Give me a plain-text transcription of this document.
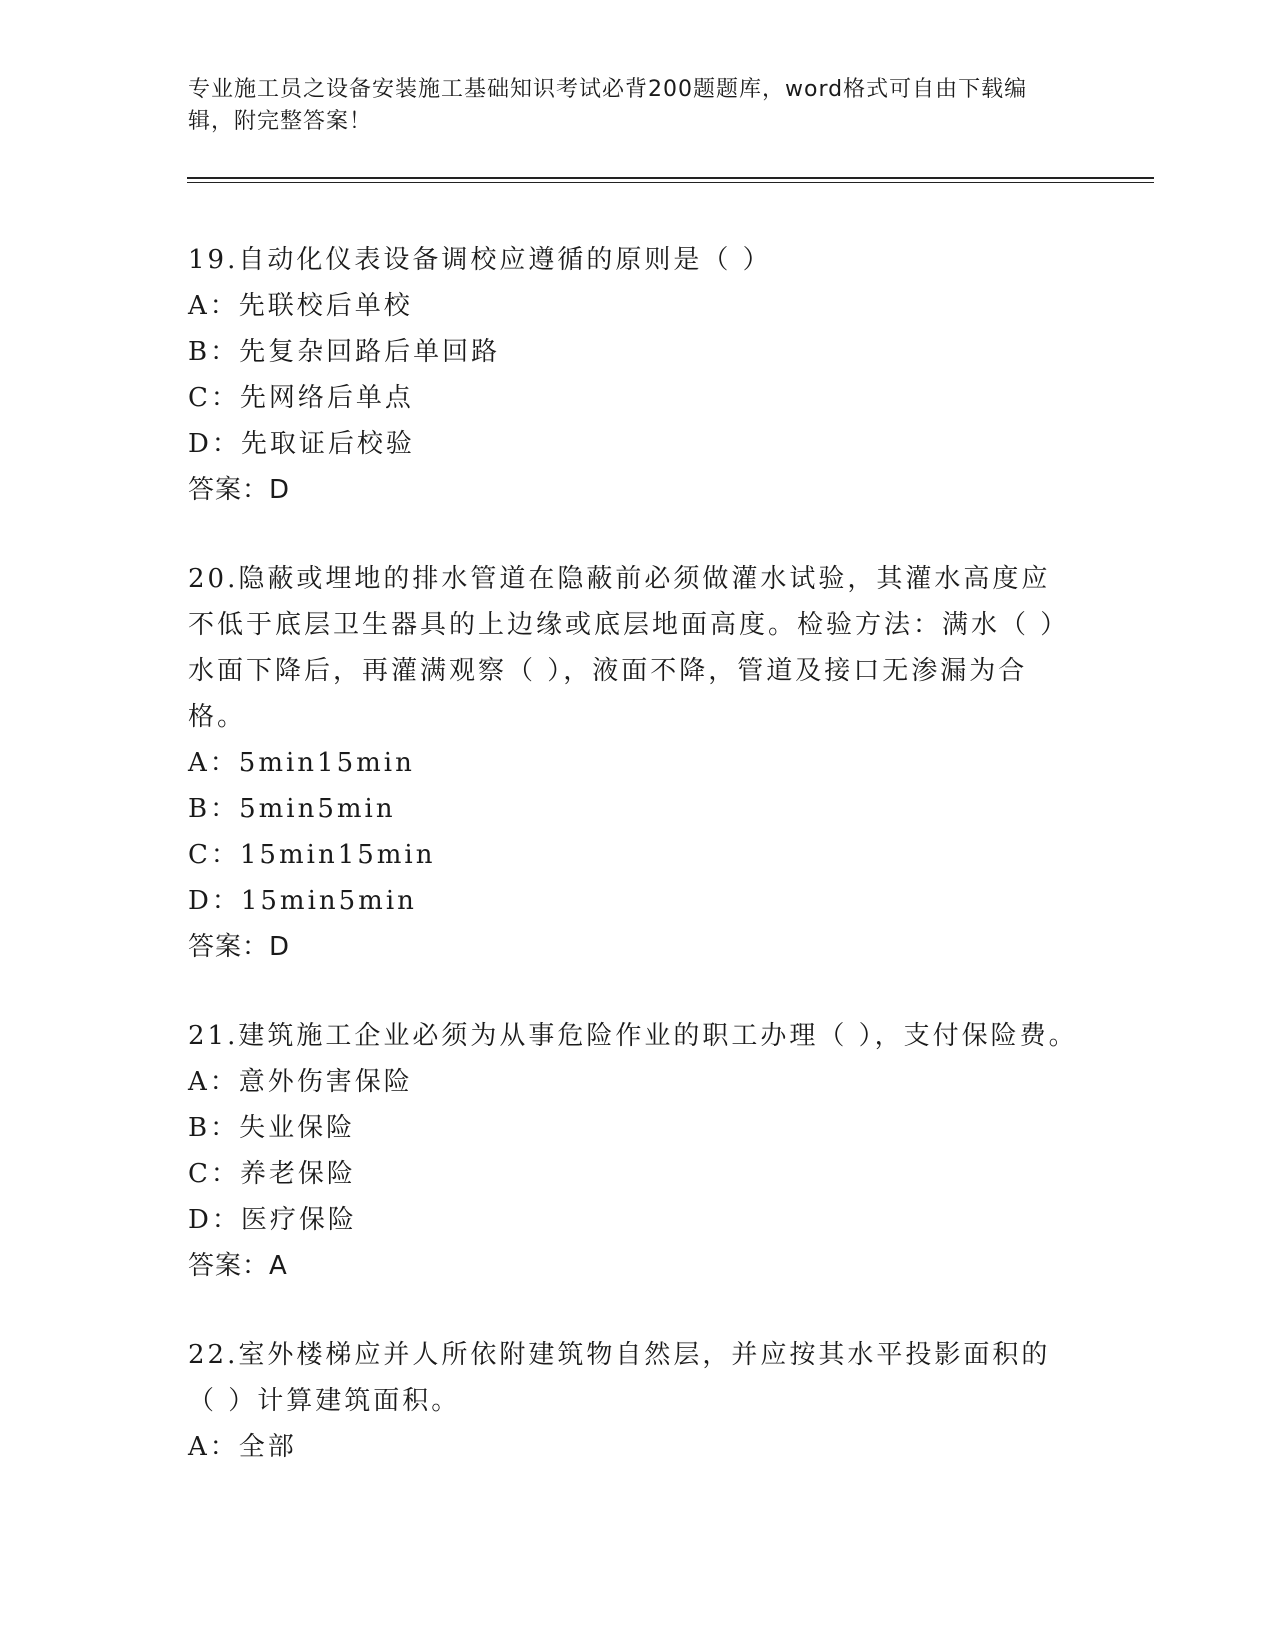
专业施工员之设备安装施工基础知识考试必背200题题库，word格式可自由下载编辑，附完整答案！
19.自动化仪表设备调校应遵循的原则是（ ）
A：先联校后单校
B：先复杂回路后单回路
C：先网络后单点
D：先取证后校验
答案：D
20.隐蔽或埋地的排水管道在隐蔽前必须做灌水试验，其灌水高度应不低于底层卫生器具的上边缘或底层地面高度。检验方法：满水（ ）水面下降后，再灌满观察（ ），液面不降，管道及接口无渗漏为合格。
A：5min15min
B：5min5min
C：15min15min
D：15min5min
答案：D
21.建筑施工企业必须为从事危险作业的职工办理（ ），支付保险费。
A：意外伤害保险
B：失业保险
C：养老保险
D：医疗保险
答案：A
22.室外楼梯应并人所依附建筑物自然层，并应按其水平投影面积的（ ）计算建筑面积。
A：全部
